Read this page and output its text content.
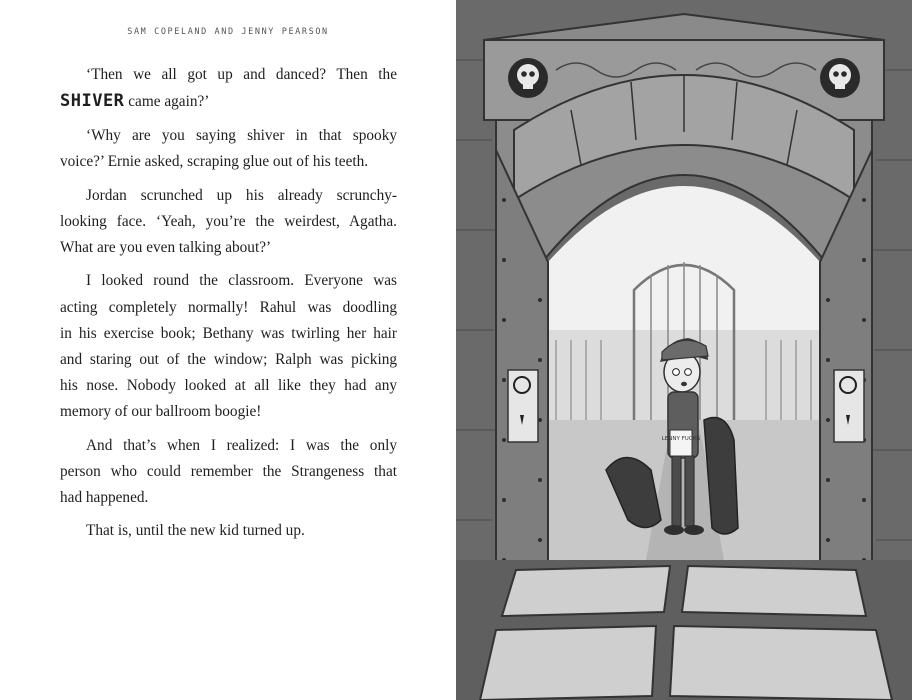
SAM COPELAND AND JENNY PEARSON

‘Then we all got up and danced? Then the
SHIVER came again?’

‘Why are you saying shiver in that spooky
voice?’ Ernie asked, scraping glue out of his teeth.

Jordan scrunched up his already scrunchy-
looking face. ‘Yeah, you’re the weirdest, Agatha.
What are you even talking about?’

I looked round the classroom. Everyone was
acting completely normally! Rahul was doodling
in his exercise book; Bethany was twirling her hair
and staring out of the window; Ralph was picking
his nose. Nobody looked at all like they had any
memory of our ballroom boogie!

And that’s when I realized: I was the only
person who could remember the Strangeness that
had happened.

That is, until the new kid turned up.

LENNY FUCHS
